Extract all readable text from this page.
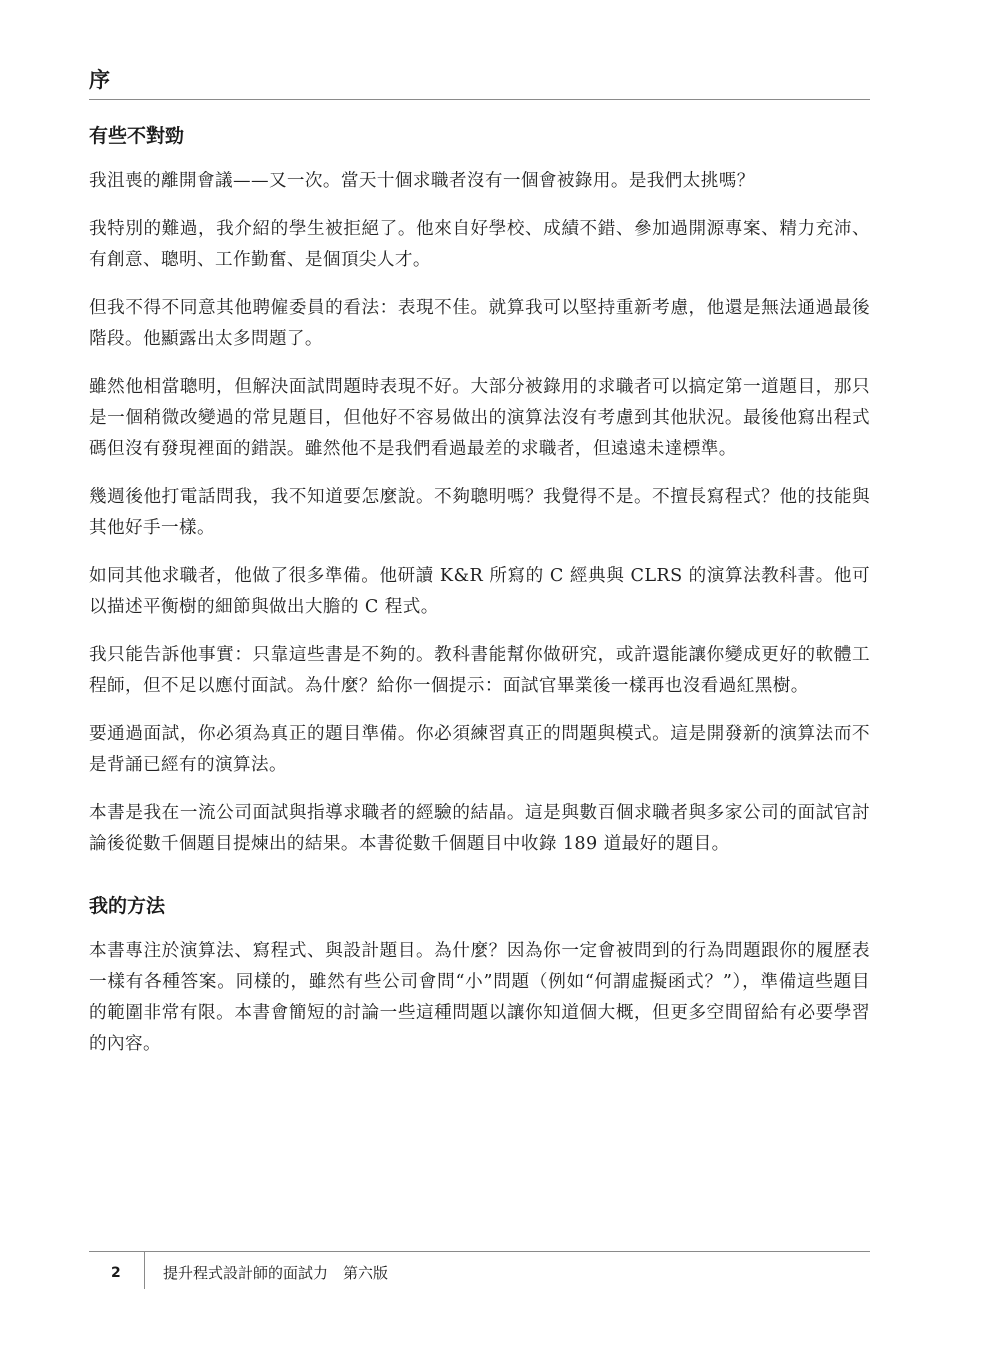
序
有些不對勁

我沮喪的離開會議——又一次。當天十個求職者沒有一個會被錄用。是我們太挑嗎？

我特別的難過，我介紹的學生被拒絕了。他來自好學校、成績不錯、參加過開源專案、精力充沛、有創意、聰明、工作勤奮、是個頂尖人才。

但我不得不同意其他聘僱委員的看法：表現不佳。就算我可以堅持重新考慮，他還是無法通過最後階段。他顯露出太多問題了。

雖然他相當聰明，但解決面試問題時表現不好。大部分被錄用的求職者可以搞定第一道題目，那只是一個稍微改變過的常見題目，但他好不容易做出的演算法沒有考慮到其他狀況。最後他寫出程式碼但沒有發現裡面的錯誤。雖然他不是我們看過最差的求職者，但遠遠未達標準。

幾週後他打電話問我，我不知道要怎麼說。不夠聰明嗎？我覺得不是。不擅長寫程式？他的技能與其他好手一樣。

如同其他求職者，他做了很多準備。他研讀 K&R 所寫的 C 經典與 CLRS 的演算法教科書。他可以描述平衡樹的細節與做出大膽的 C 程式。

我只能告訴他事實：只靠這些書是不夠的。教科書能幫你做研究，或許還能讓你變成更好的軟體工程師，但不足以應付面試。為什麼？給你一個提示：面試官畢業後一樣再也沒看過紅黑樹。

要通過面試，你必須為真正的題目準備。你必須練習真正的問題與模式。這是開發新的演算法而不是背誦已經有的演算法。

本書是我在一流公司面試與指導求職者的經驗的結晶。這是與數百個求職者與多家公司的面試官討論後從數千個題目提煉出的結果。本書從數千個題目中收錄 189 道最好的題目。

我的方法

本書專注於演算法、寫程式、與設計題目。為什麼？因為你一定會被問到的行為問題跟你的履歷表一樣有各種答案。同樣的，雖然有些公司會問“小”問題（例如“何謂虛擬函式？”），準備這些題目的範圍非常有限。本書會簡短的討論一些這種問題以讓你知道個大概，但更多空間留給有必要學習的內容。

2	提升程式設計師的面試力　第六版
